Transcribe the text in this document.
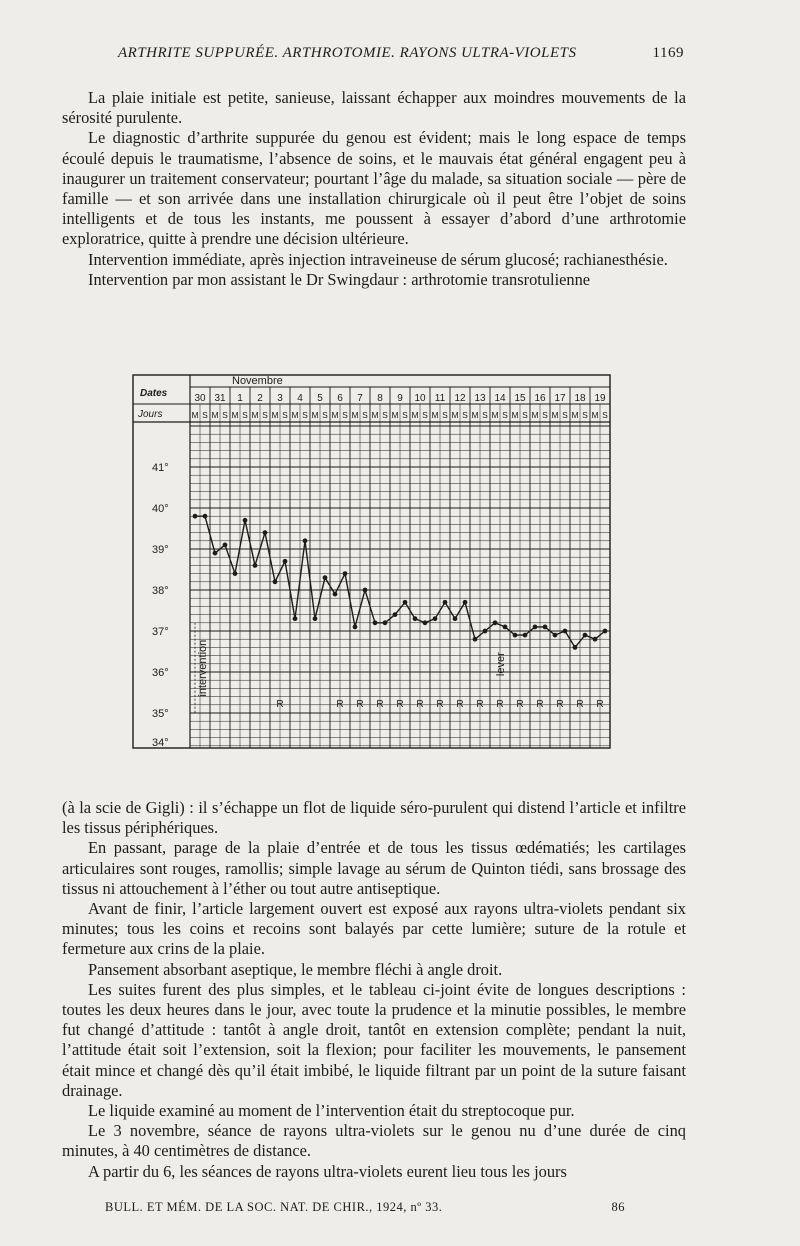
ARTHRITE SUPPURÉE. ARTHROTOMIE. RAYONS ULTRA-VIOLETS	1169

La plaie initiale est petite, sanieuse, laissant échapper aux moindres mouvements de la sérosité purulente.

Le diagnostic d’arthrite suppurée du genou est évident; mais le long espace de temps écoulé depuis le traumatisme, l’absence de soins, et le mauvais état général engagent peu à inaugurer un traitement conservateur; pourtant l’âge du malade, sa situation sociale — père de famille — et son arrivée dans une installation chirurgicale où il peut être l’objet de soins intelligents et de tous les instants, me poussent à essayer d’abord d’une arthrotomie exploratrice, quitte à prendre une décision ultérieure.

Intervention immédiate, après injection intraveineuse de sérum glucosé; rachianesthésie.

Intervention par mon assistant le Dr Swingdaur : arthrotomie transrotulienne

Novembre
Dates
Jours
30
M S
31
M S
1
M S
2
M S
3
M S
4
M S
5
M S
6
M S
7
M S
8
M S
9
M S
10
M S
11
M S
12
M S
13
M S
14
M S
15
M S
16
M S
17
M S
18
M S
19
M S
41°
40°
39°
38°
37°
36°
35°
34°
intervention	lever
R	R R R R R R R R R R R R R R

(à la scie de Gigli) : il s’échappe un flot de liquide séro-purulent qui distend l’article et infiltre les tissus périphériques.

En passant, parage de la plaie d’entrée et de tous les tissus œdématiés; les cartilages articulaires sont rouges, ramollis; simple lavage au sérum de Quinton tiédi, sans brossage des tissus ni attouchement à l’éther ou tout autre antiseptique.

Avant de finir, l’article largement ouvert est exposé aux rayons ultra-violets pendant six minutes; tous les coins et recoins sont balayés par cette lumière; suture de la rotule et fermeture aux crins de la plaie.

Pansement absorbant aseptique, le membre fléchi à angle droit.

Les suites furent des plus simples, et le tableau ci-joint évite de longues descriptions : toutes les deux heures dans le jour, avec toute la prudence et la minutie possibles, le membre fut changé d’attitude : tantôt à angle droit, tantôt en extension complète; pendant la nuit, l’attitude était soit l’extension, soit la flexion; pour faciliter les mouvements, le pansement était mince et changé dès qu’il était imbibé, le liquide filtrant par un point de la suture faisant drainage.

Le liquide examiné au moment de l’intervention était du streptocoque pur.

Le 3 novembre, séance de rayons ultra-violets sur le genou nu d’une durée de cinq minutes, à 40 centimètres de distance.

A partir du 6, les séances de rayons ultra-violets eurent lieu tous les jours

BULL. ET MÉM. DE LA SOC. NAT. DE CHIR., 1924, nº 33.	86
